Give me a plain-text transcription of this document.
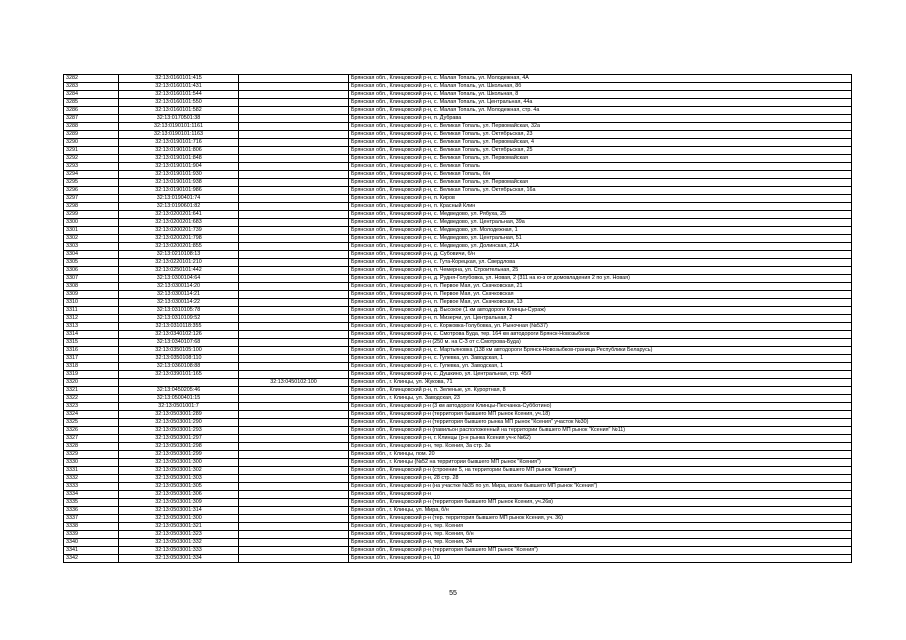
3282	32:13:0160101:415		Брянская обл., Клинцовский р-н, с. Малая Топаль, ул. Молодежная, 4А
3283	32:13:0160101:431		Брянская обл., Клинцовский р-н, с. Малая Топаль, ул. Школьная, 8б
3284	32:13:0160101:544		Брянская обл., Клинцовский р-н, с. Малая Топаль, ул. Школьная, 8
3285	32:13:0160101:550		Брянская обл., Клинцовский р-н, с. Малая Топаль, ул. Центральная, 44а
3286	32:13:0160101:582		Брянская обл., Клинцовский р-н, с. Малая Топаль, ул. Молодежная, стр. 4а
3287	32:13:0170501:38		Брянская обл., Клинцовский р-н, п. Дубрава
3288	32:13:0190101:1161		Брянская обл., Клинцовский р-н, с. Великая Топаль, ул. Первомайская, 32а
3289	32:13:0190101:1163		Брянская обл., Клинцовский р-н, с. Великая Топаль, ул. Октябрьская, 23
3290	32:13:0190101:716		Брянская обл., Клинцовский р-н, с. Великая Топаль, ул. Первомайская, 4
3291	32:13:0190101:806		Брянская обл., Клинцовский р-н, с. Великая Топаль, ул. Октябрьская, 25
3292	32:13:0190101:848		Брянская обл., Клинцовский р-н, с. Великая Топаль, ул. Первомайская
3293	32:13:0190101:904		Брянская обл., Клинцовский р-н, с. Великая Топаль
3294	32:13:0190101:930		Брянская обл., Клинцовский р-н, с. Великая Топаль, б/н
3295	32:13:0190101:938		Брянская обл., Клинцовский р-н, с. Великая Топаль, ул. Первомайская
3296	32:13:0190101:986		Брянская обл., Клинцовский р-н, с. Великая Топаль, ул. Октябрьская, 16а
3297	32:13:0190401:74		Брянская обл., Клинцовский р-н, п. Киров
3298	32:13:0190601:82		Брянская обл., Клинцовский р-н, п. Красный Клин
3299	32:13:0200201:641		Брянская обл., Клинцовский р-н, с. Медведово, ул. Рябуха, 25
3300	32:13:0200201:683		Брянская обл., Клинцовский р-н, с. Медведово, ул. Центральная, 39а
3301	32:13:0200201:739		Брянская обл., Клинцовский р-н, с. Медведово, ул. Молодежная, 1
3302	32:13:0200201:798		Брянская обл., Клинцовский р-н, с. Медведово, ул. Центральная, 51
3303	32:13:0200201:855		Брянская обл., Клинцовский р-н, с. Медведово, ул. Долинская, 21А
3304	32:13:0210108:13		Брянская обл., Клинцовский р-н, д. Субовичи, б/н
3305	32:13:0220101:210		Брянская обл., Клинцовский р-н, с. Гута-Корецкая, ул. Свердлова
3306	32:13:0250101:442		Брянская обл., Клинцовский р-н, п. Чемерна, ул. Строительная, 25
3307	32:13:0300104:64		Брянская обл., Клинцовский р-н, д. Рудня-Голубовка, ул. Новая, 2 (311 на ю-з от домовладения 2 по ул. Новая)
3308	32:13:0300114:20		Брянская обл., Клинцовский р-н, п. Первое Мая, ул. Скачковская, 21
3309	32:13:0300114:21		Брянская обл., Клинцовский р-н, п. Первое Мая, ул. Скачковская
3310	32:13:0300114:22		Брянская обл., Клинцовский р-н, п. Первое Мая, ул. Скачковская, 13
3311	32:13:0310105:78		Брянская обл., Клинцовский р-н, д. Высокое (1 км автодороги Клинцы-Сураж)
3312	32:13:0310109:52		Брянская обл., Клинцовский р-н, п. Мизерчи, ул. Центральная, 2
3313	32:13:0310118:355		Брянская обл., Клинцовский р-н, с. Коржовка-Голубовка, ул. Рыночная (№537)
3314	32:13:0340102:126		Брянская обл., Клинцовский р-н, с. Смотрова Буда, тер. 164 км автодороги Брянск-Новозыбков
3315	32:13:0340107:68		Брянская обл., Клинцовский р-н (250 м. на С-З от с.Смотрова-Буда)
3316	32:13:0350105:100		Брянская обл., Клинцовский р-н, с. Мартьяновка (138 км автодороги Брянск-Новозыбков-граница Республики Беларусь)
3317	32:13:0350108:110		Брянская обл., Клинцовский р-н, с. Гулевка, ул. Заводская, 1
3318	32:13:0360108:88		Брянская обл., Клинцовский р-н, с. Гулевка, ул. Заводская, 1
3319	32:13:0390101:165		Брянская обл., Клинцовский р-н, с. Душкино, ул. Центральная, стр. 45/9
3320		32:13:0450102:100	Брянская обл., г. Клинцы, ул. Жукова, 71
3321	32:13:0450205:46		Брянская обл., Клинцовский р-н, п. Зеленые, ул. Курортная, 8
3322	32:13:0500401:15		Брянская обл., г. Клинцы, ул. Заводская, 23
3323	32:13:0501001:7		Брянская обл., Клинцовский р-н (3 км автодороги Клинцы-Песчанка-Субботино)
3324	32:13:0503001:289		Брянская обл., Клинцовский р-н (территория бывшего МП рынок Ксения, уч.18)
3325	32:13:0503001:290		Брянская обл., Клинцовский р-н (территория бывшего рынка МП рынок "Ксения" участок №30)
3326	32:13:0503001:293		Брянская обл., Клинцовский р-н (павильон расположенный на территории бывшего МП рынок "Ксения" №11)
3327	32:13:0503001:297		Брянская обл., Клинцовский р-н, г. Клинцы (р-н рынка Ксения уч-к №62)
3328	32:13:0503001:298		Брянская обл., Клинцовский р-н, тер. Ксения, 3а стр. 3а
3329	32:13:0503001:299		Брянская обл., г. Клинцы, пом. 20
3330	32:13:0503001:300		Брянская обл., г. Клинцы (№52 на территории бывшего МП рынок "Ксения")
3331	32:13:0503001:302		Брянская обл., Клинцовский р-н (строение 5, на территории бывшего МП рынок "Ксения")
3332	32:13:0503001:303		Брянская обл., Клинцовский р-н, 28 стр. 28
3333	32:13:0503001:305		Брянская обл., Клинцовский р-н (на участке №35 по ул. Мира, возле бывшего МП рынок "Ксения")
3334	32:13:0503001:306		Брянская обл., Клинцовский р-н
3335	32:13:0503001:309		Брянская обл., Клинцовский р-н (территория бывшего МП рынок Ксения, уч.26в)
3336	32:13:0503001:314		Брянская обл., г. Клинцы, ул. Мира, б/н
3337	32:13:0503001:300		Брянская обл., Клинцовский р-н (тер. территория бывшего МП рынок Ксения, уч. 36)
3338	32:13:0503001:321		Брянская обл., Клинцовский р-н, тер. Ксения
3339	32:13:0503001:323		Брянская обл., Клинцовский р-н, тер. Ксения, б/н
3340	32:13:0503001:332		Брянская обл., Клинцовский р-н, тер. Ксения, 24
3341	32:13:0503001:333		Брянская обл., Клинцовский р-н (территория бывшего МП рынок "Ксения")
3342	32:13:0503001:334		Брянская обл., Клинцовский р-н, 10
55
